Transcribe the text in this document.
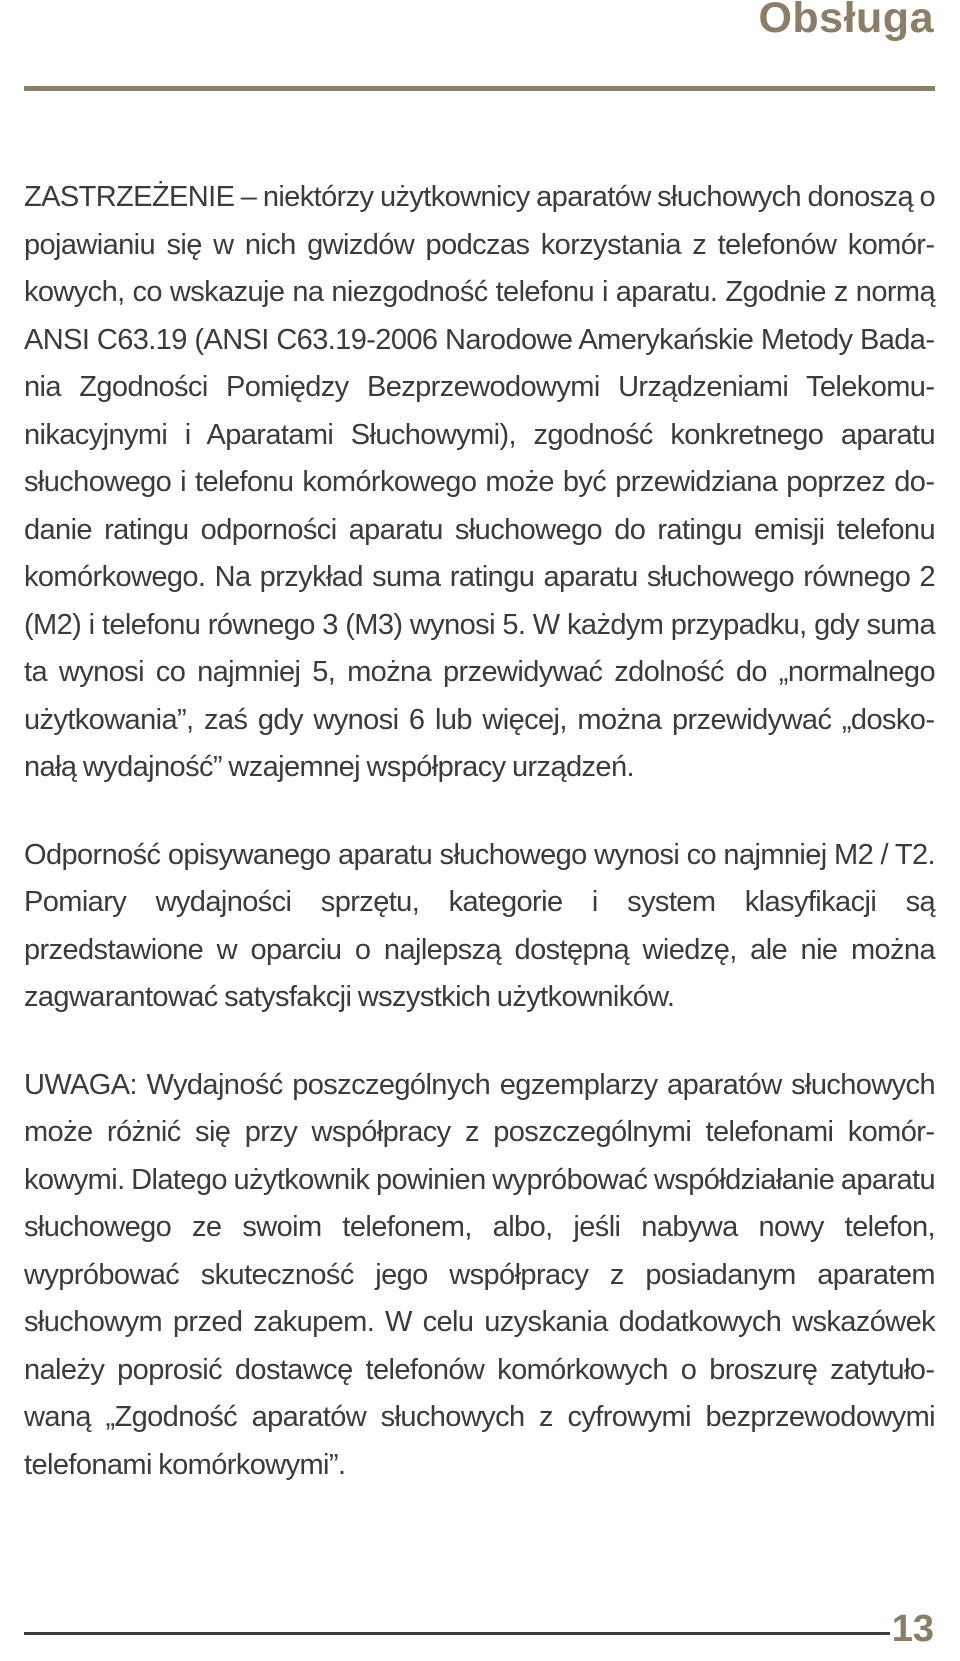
Obsługa

ZASTRZEŻENIE – niektórzy użytkownicy aparatów słuchowych donoszą o pojawianiu się w nich gwizdów podczas korzystania z telefonów komórkowych, co wskazuje na niezgodność telefonu i aparatu. Zgodnie z normą ANSI C63.19 (ANSI C63.19-2006 Narodowe Amerykańskie Metody Badania Zgodności Pomiędzy Bezprzewodowymi Urządzeniami Telekomunikacyjnymi i Aparatami Słuchowymi), zgodność konkretnego aparatu słuchowego i telefonu komórkowego może być przewidziana poprzez dodanie ratingu odporności aparatu słuchowego do ratingu emisji telefonu komórkowego. Na przykład suma ratingu aparatu słuchowego równego 2 (M2) i telefonu równego 3 (M3) wynosi 5. W każdym przypadku, gdy suma ta wynosi co najmniej 5, można przewidywać zdolność do „normalnego użytkowania”, zaś gdy wynosi 6 lub więcej, można przewidywać „doskonałą wydajność” wzajemnej współpracy urządzeń.

Odporność opisywanego aparatu słuchowego wynosi co najmniej M2 / T2. Pomiary wydajności sprzętu, kategorie i system klasyfikacji są przedstawione w oparciu o najlepszą dostępną wiedzę, ale nie można zagwarantować satysfakcji wszystkich użytkowników.

UWAGA: Wydajność poszczególnych egzemplarzy aparatów słuchowych może różnić się przy współpracy z poszczególnymi telefonami komórkowymi. Dlatego użytkownik powinien wypróbować współdziałanie aparatu słuchowego ze swoim telefonem, albo, jeśli nabywa nowy telefon, wypróbować skuteczność jego współpracy z posiadanym aparatem słuchowym przed zakupem. W celu uzyskania dodatkowych wskazówek należy poprosić dostawcę telefonów komórkowych o broszurę zatytułowaną „Zgodność aparatów słuchowych z cyfrowymi bezprzewodowymi telefonami komórkowymi”.

13
